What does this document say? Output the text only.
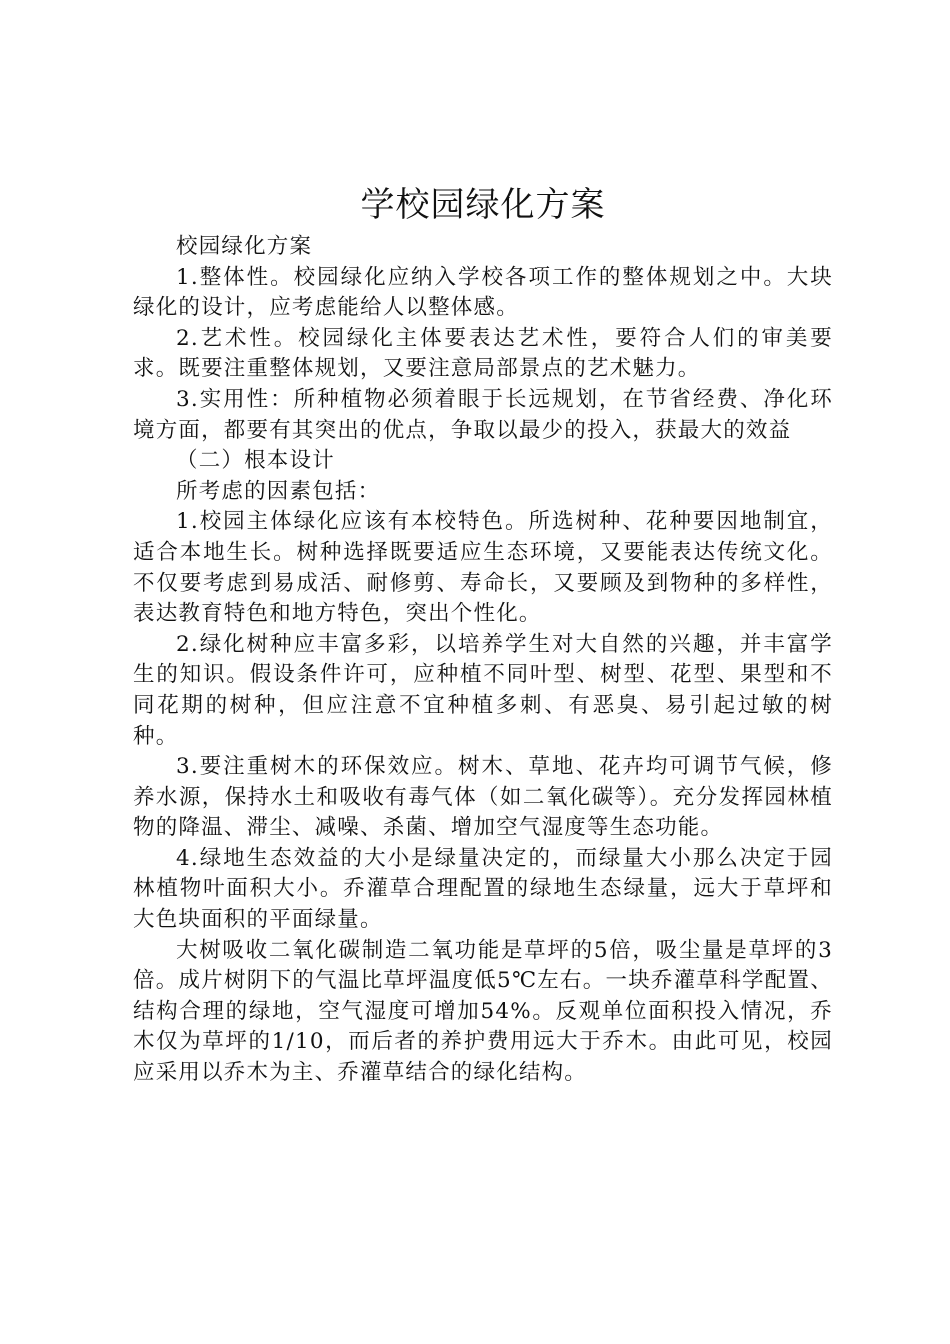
学校园绿化方案

校园绿化方案

1.整体性。校园绿化应纳入学校各项工作的整体规划之中。大块绿化的设计，应考虑能给人以整体感。

2.艺术性。校园绿化主体要表达艺术性，要符合人们的审美要求。既要注重整体规划，又要注意局部景点的艺术魅力。

3.实用性：所种植物必须着眼于长远规划，在节省经费、净化环境方面，都要有其突出的优点，争取以最少的投入，获最大的效益

（二）根本设计

所考虑的因素包括：

1.校园主体绿化应该有本校特色。所选树种、花种要因地制宜，适合本地生长。树种选择既要适应生态环境，又要能表达传统文化。不仅要考虑到易成活、耐修剪、寿命长，又要顾及到物种的多样性，表达教育特色和地方特色，突出个性化。

2.绿化树种应丰富多彩，以培养学生对大自然的兴趣，并丰富学生的知识。假设条件许可，应种植不同叶型、树型、花型、果型和不同花期的树种，但应注意不宜种植多刺、有恶臭、易引起过敏的树种。

3.要注重树木的环保效应。树木、草地、花卉均可调节气候，修养水源，保持水土和吸收有毒气体（如二氧化碳等）。充分发挥园林植物的降温、滞尘、减噪、杀菌、增加空气湿度等生态功能。

4.绿地生态效益的大小是绿量决定的，而绿量大小那么决定于园林植物叶面积大小。乔灌草合理配置的绿地生态绿量，远大于草坪和大色块面积的平面绿量。

大树吸收二氧化碳制造二氧功能是草坪的5倍，吸尘量是草坪的3倍。成片树阴下的气温比草坪温度低5℃左右。一块乔灌草科学配置、结构合理的绿地，空气湿度可增加54%。反观单位面积投入情况，乔木仅为草坪的1/10，而后者的养护费用远大于乔木。由此可见，校园应采用以乔木为主、乔灌草结合的绿化结构。
